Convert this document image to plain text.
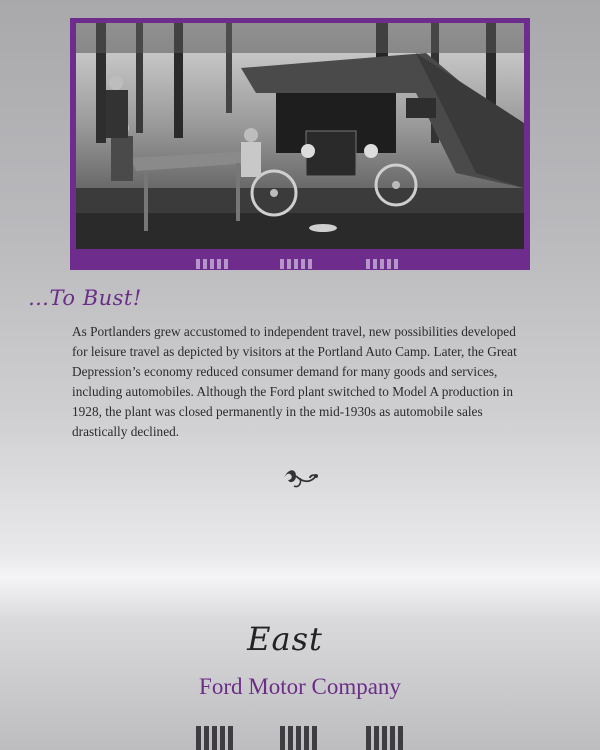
…To Bust!

As Portlanders grew accustomed to independent travel, new possibilities developed for leisure travel as depicted by visitors at the Portland Auto Camp. Later, the Great Depression’s economy reduced consumer demand for many goods and services, including automobiles. Although the Ford plant switched to Model A production in 1928, the plant was closed permanently in the mid-1930s as automobile sales drastically declined.

East
Ford Motor Company
